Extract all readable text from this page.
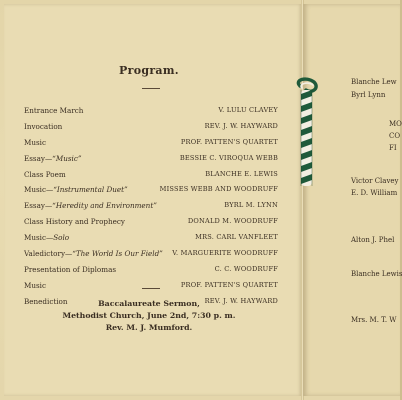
Program.
Entrance March	V. LULU CLAVEY
Invocation	REV. J. W. HAYWARD
Music	PROF. PATTEN'S QUARTET
Essay—“Music”	BESSIE C. VIROQUA WEBB
Class Poem	BLANCHE E. LEWIS
Music—“Instrumental Duet”	MISSES WEBB AND WOODRUFF
Essay—“Heredity and Environment”	BYRL M. LYNN
Class History and Prophecy	DONALD M. WOODRUFF
Music—Solo	MRS. CARL VANFLEET
Valedictory—“The World Is Our Field” V. MARGUERITE WOODRUFF
Presentation of Diplomas	C. C. WOODRUFF
Music	PROF. PATTEN'S QUARTET
Benediction	REV. J. W. HAYWARD
Baccalaureate Sermon,
Methodist Church, June 2nd, 7:30 p. m.
Rev. M. J. Mumford.
Blanche Lew
Byrl Lynn
MO
CO
FI
Victor Clavey
E. D. William
Alton J. Phel
Blanche Lewis
Mrs. M. T. W
